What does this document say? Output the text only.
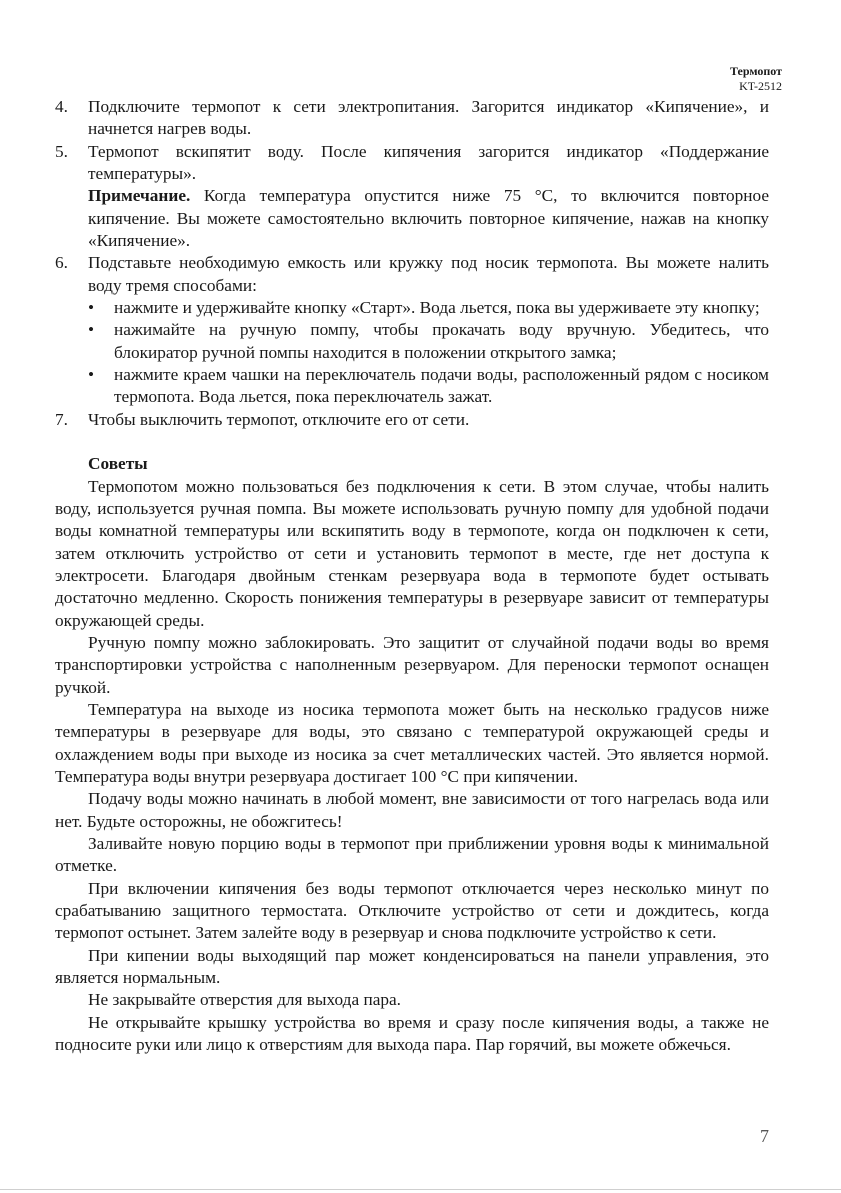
Термопот
KT-2512
4. Подключите термопот к сети электропитания. Загорится индикатор «Кипячение», и начнется нагрев воды.
5. Термопот вскипятит воду. После кипячения загорится индикатор «Поддержание температуры».
Примечание. Когда температура опустится ниже 75 °C, то включится повторное кипячение. Вы можете самостоятельно включить повторное кипячение, нажав на кнопку «Кипячение».
6. Подставьте необходимую емкость или кружку под носик термопота. Вы можете налить воду тремя способами:
• нажмите и удерживайте кнопку «Старт». Вода льется, пока вы удерживаете эту кнопку;
• нажимайте на ручную помпу, чтобы прокачать воду вручную. Убедитесь, что блокиратор ручной помпы находится в положении открытого замка;
• нажмите краем чашки на переключатель подачи воды, расположенный рядом с носиком термопота. Вода льется, пока переключатель зажат.
7. Чтобы выключить термопот, отключите его от сети.
Советы

Термопотом можно пользоваться без подключения к сети. В этом случае, чтобы налить воду, используется ручная помпа. Вы можете использовать ручную помпу для удобной подачи воды комнатной температуры или вскипятить воду в термопоте, когда он подключен к сети, затем отключить устройство от сети и установить термопот в месте, где нет доступа к электросети. Благодаря двойным стенкам резервуара вода в термопоте будет остывать достаточно медленно. Скорость понижения температуры в резервуаре зависит от температуры окружающей среды.

Ручную помпу можно заблокировать. Это защитит от случайной подачи воды во время транспортировки устройства с наполненным резервуаром. Для переноски термопот оснащен ручкой.

Температура на выходе из носика термопота может быть на несколько градусов ниже температуры в резервуаре для воды, это связано с температурой окружающей среды и охлаждением воды при выходе из носика за счет металлических частей. Это является нормой. Температура воды внутри резервуара достигает 100 °C при кипячении.

Подачу воды можно начинать в любой момент, вне зависимости от того нагрелась вода или нет. Будьте осторожны, не обожгитесь!

Заливайте новую порцию воды в термопот при приближении уровня воды к минимальной отметке.

При включении кипячения без воды термопот отключается через несколько минут по срабатыванию защитного термостата. Отключите устройство от сети и дождитесь, когда термопот остынет. Затем залейте воду в резервуар и снова подключите устройство к сети.

При кипении воды выходящий пар может конденсироваться на панели управления, это является нормальным.

Не закрывайте отверстия для выхода пара.

Не открывайте крышку устройства во время и сразу после кипячения воды, а также не подносите руки или лицо к отверстиям для выхода пара. Пар горячий, вы можете обжечься.

7
